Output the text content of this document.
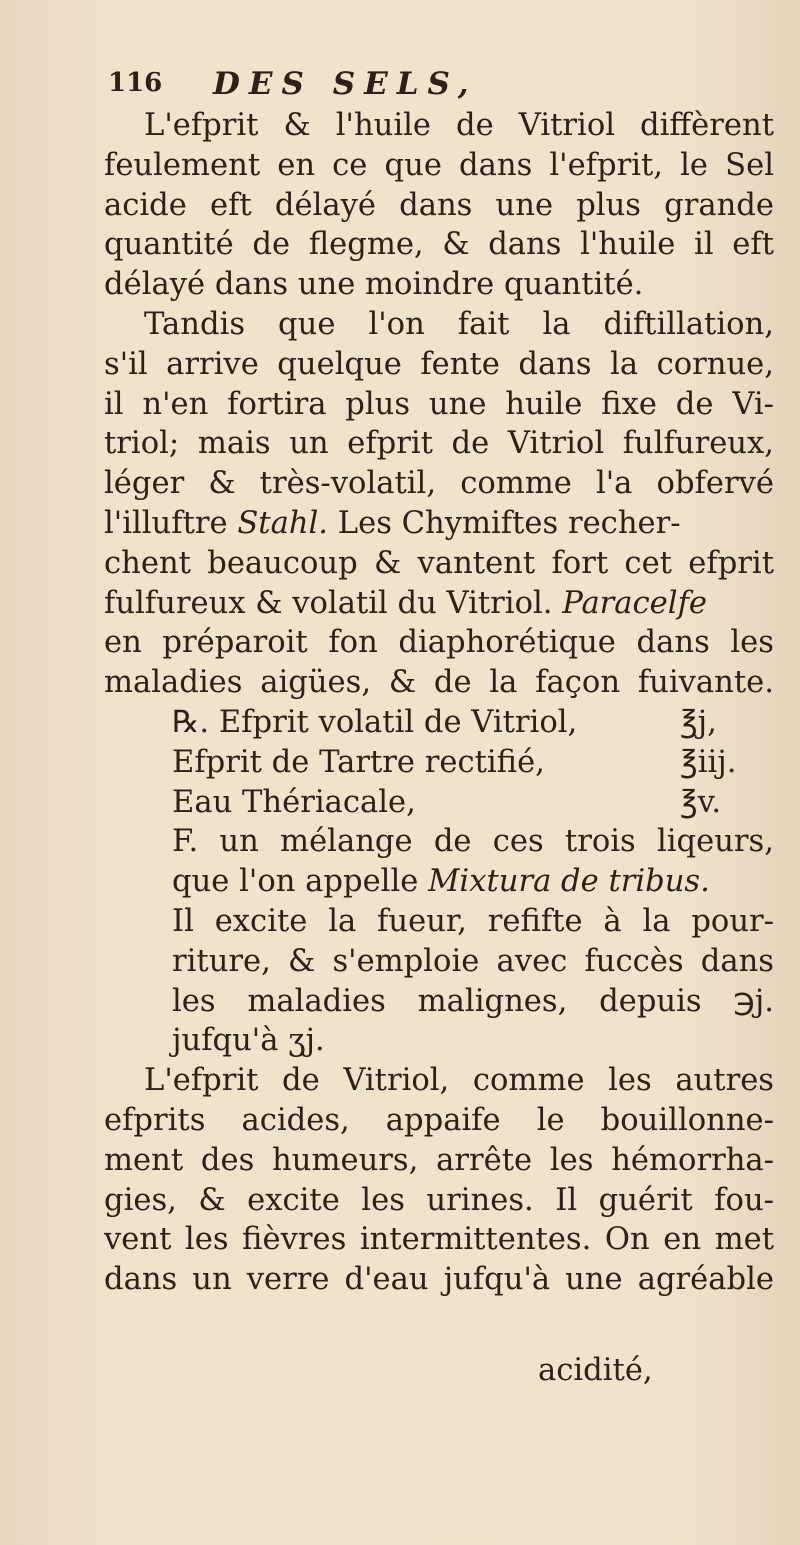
116 DES SELS,
L'efprit & l'huile de Vitriol diffèrent
feulement en ce que dans l'efprit, le Sel
acide eft délayé dans une plus grande
quantité de flegme, & dans l'huile il eft
délayé dans une moindre quantité.
Tandis que l'on fait la diftillation,
s'il arrive quelque fente dans la cornue,
il n'en fortira plus une huile fixe de Vi-
triol; mais un efprit de Vitriol fulfureux,
léger & très-volatil, comme l'a obfervé
l'illuftre Stahl. Les Chymiftes recher-
chent beaucoup & vantent fort cet efprit
fulfureux & volatil du Vitriol. Paracelfe
en préparoit fon diaphorétique dans les
maladies aigües, & de la façon fuivante.
℞. Efprit volatil de Vitriol,	℥j,
Efprit de Tartre rectifié,	℥iij.
Eau Thériacale,	℥v.
F. un mélange de ces trois liqeurs,
que l'on appelle Mixtura de tribus.
Il excite la fueur, refifte à la pour-
riture, & s'emploie avec fuccès dans
les maladies malignes, depuis ℈j.
jufqu'à ʒj.
L'efprit de Vitriol, comme les autres
efprits acides, appaife le bouillonne-
ment des humeurs, arrête les hémorrha-
gies, & excite les urines. Il guérit fou-
vent les fièvres intermittentes. On en met
dans un verre d'eau jufqu'à une agréable
acidité,
